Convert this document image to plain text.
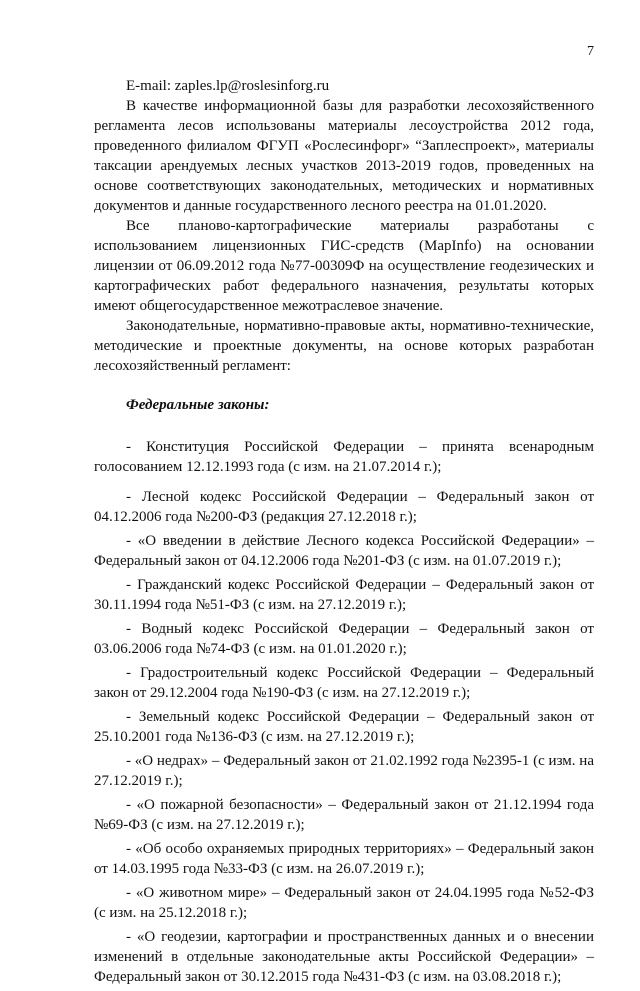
7

E-mail: zaples.lp@roslesinforg.ru

В качестве информационной базы для разработки лесохозяйственного регламента лесов использованы материалы лесоустройства 2012 года, проведенного филиалом ФГУП «Рослесинфорг» “Заплеспроект», материалы таксации арендуемых лесных участков 2013-2019 годов, проведенных на основе соответствующих законодательных, методических и нормативных документов и данные государственного лесного реестра на 01.01.2020.

Все планово-картографические материалы разработаны с использованием лицензионных ГИС-средств (MapInfo) на основании лицензии от 06.09.2012 года №77-00309Ф на осуществление геодезических и картографических работ федерального назначения, результаты которых имеют общегосударственное межотраслевое значение.

Законодательные, нормативно-правовые акты, нормативно-технические, методические и проектные документы, на основе которых разработан лесохозяйственный регламент:

Федеральные законы:

- Конституция Российской Федерации – принята всенародным голосованием 12.12.1993 года (с изм. на 21.07.2014 г.);

- Лесной кодекс Российской Федерации – Федеральный закон от 04.12.2006 года №200-ФЗ (редакция 27.12.2018 г.);

- «О введении в действие Лесного кодекса Российской Федерации» – Федеральный закон от 04.12.2006 года №201-ФЗ (с изм. на 01.07.2019 г.);

- Гражданский кодекс Российской Федерации – Федеральный закон от 30.11.1994 года №51-ФЗ (с изм. на 27.12.2019 г.);

- Водный кодекс Российской Федерации – Федеральный закон от 03.06.2006 года №74-ФЗ (с изм. на 01.01.2020 г.);

- Градостроительный кодекс Российской Федерации – Федеральный закон от 29.12.2004 года №190-ФЗ (с изм. на 27.12.2019 г.);

- Земельный кодекс Российской Федерации – Федеральный закон от 25.10.2001 года №136-ФЗ (с изм. на 27.12.2019 г.);

- «О недрах» – Федеральный закон от 21.02.1992 года №2395-1 (с изм. на 27.12.2019 г.);

- «О пожарной безопасности» – Федеральный закон от 21.12.1994 года №69-ФЗ (с изм. на 27.12.2019 г.);

- «Об особо охраняемых природных территориях» – Федеральный закон от 14.03.1995 года №33-ФЗ (с изм. на 26.07.2019 г.);

- «О животном мире» – Федеральный закон от 24.04.1995 года №52-ФЗ (с изм. на 25.12.2018 г.);

- «О геодезии, картографии и пространственных данных и о внесении изменений в отдельные законодательные акты Российской Федерации» – Федеральный закон от 30.12.2015 года №431-ФЗ (с изм. на 03.08.2018 г.);
